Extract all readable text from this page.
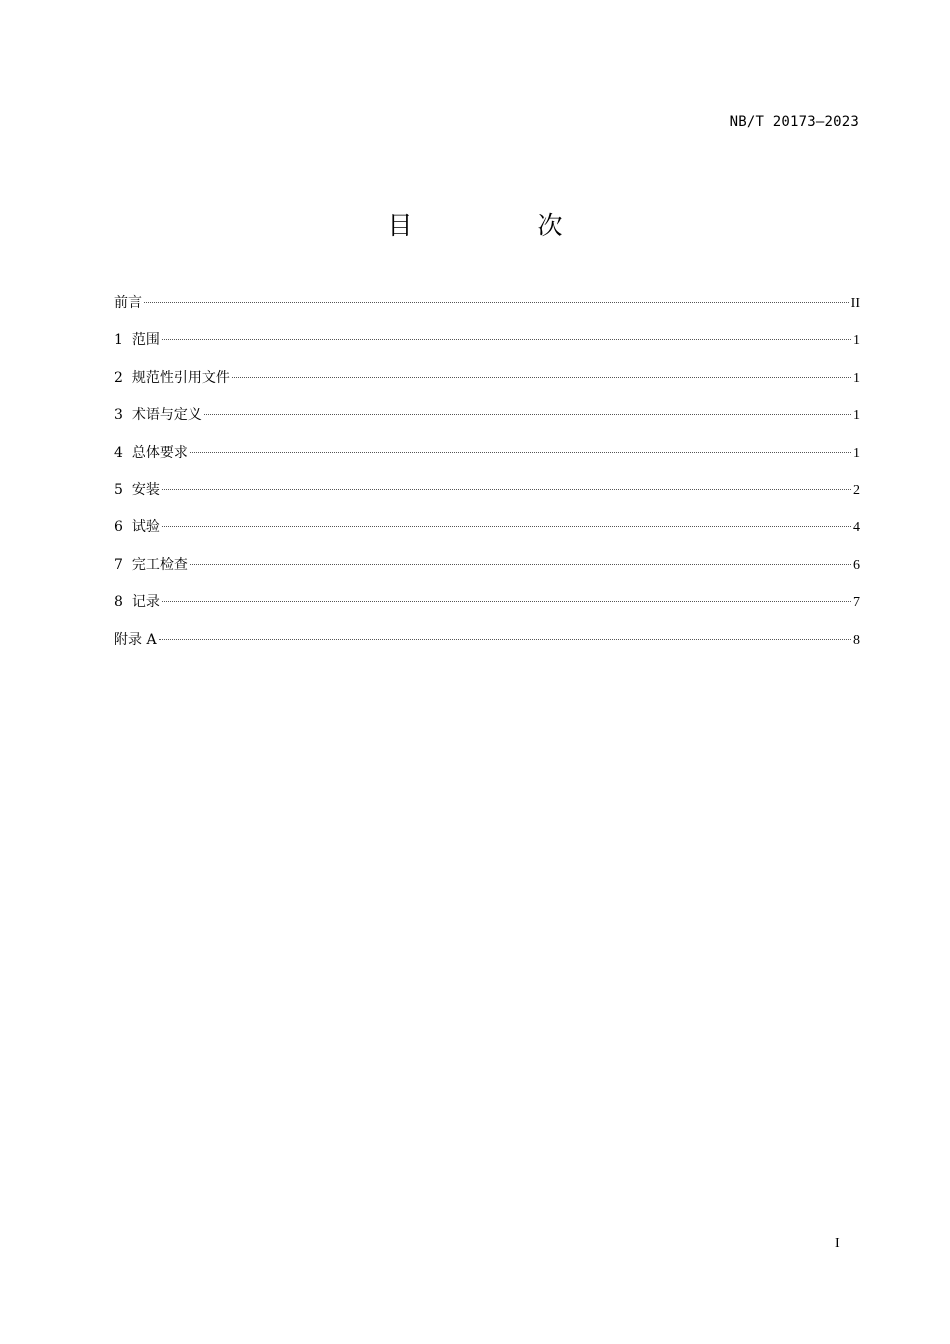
NB/T 20173—2023
目　次
前言	II
1 范围	1
2 规范性引用文件	1
3 术语与定义	1
4 总体要求	1
5 安装	2
6 试验	4
7 完工检查	6
8 记录	7
附录 A	8
I
